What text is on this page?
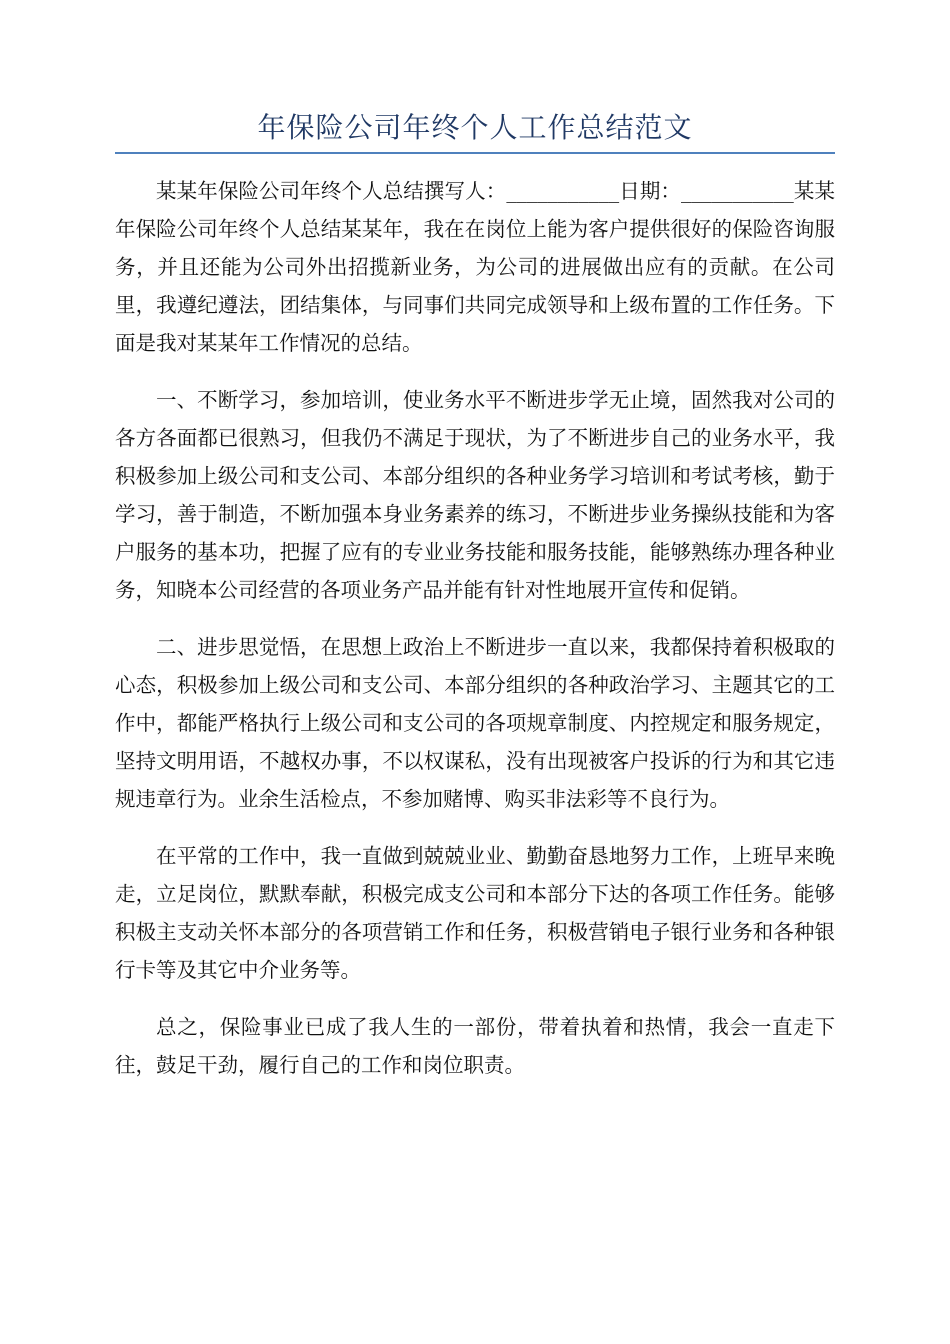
年保险公司年终个人工作总结范文

某某年保险公司年终个人总结撰写人：___________日期：___________某某年保险公司年终个人总结某某年，我在在岗位上能为客户提供很好的保险咨询服务，并且还能为公司外出招揽新业务，为公司的进展做出应有的贡献。在公司里，我遵纪遵法，团结集体，与同事们共同完成领导和上级布置的工作任务。下面是我对某某年工作情况的总结。

一、不断学习，参加培训，使业务水平不断进步学无止境，固然我对公司的各方各面都已很熟习，但我仍不满足于现状，为了不断进步自己的业务水平，我积极参加上级公司和支公司、本部分组织的各种业务学习培训和考试考核，勤于学习，善于制造，不断加强本身业务素养的练习，不断进步业务操纵技能和为客户服务的基本功，把握了应有的专业业务技能和服务技能，能够熟练办理各种业务，知晓本公司经营的各项业务产品并能有针对性地展开宣传和促销。

二、进步思觉悟，在思想上政治上不断进步一直以来，我都保持着积极取的心态，积极参加上级公司和支公司、本部分组织的各种政治学习、主题其它的工作中，都能严格执行上级公司和支公司的各项规章制度、内控规定和服务规定，坚持文明用语，不越权办事，不以权谋私，没有出现被客户投诉的行为和其它违规违章行为。业余生活检点，不参加赌博、购买非法彩等不良行为。

在平常的工作中，我一直做到兢兢业业、勤勤奋恳地努力工作，上班早来晚走，立足岗位，默默奉献，积极完成支公司和本部分下达的各项工作任务。能够积极主支动关怀本部分的各项营销工作和任务，积极营销电子银行业务和各种银行卡等及其它中介业务等。

总之，保险事业已成了我人生的一部份，带着执着和热情，我会一直走下往，鼓足干劲，履行自己的工作和岗位职责。
